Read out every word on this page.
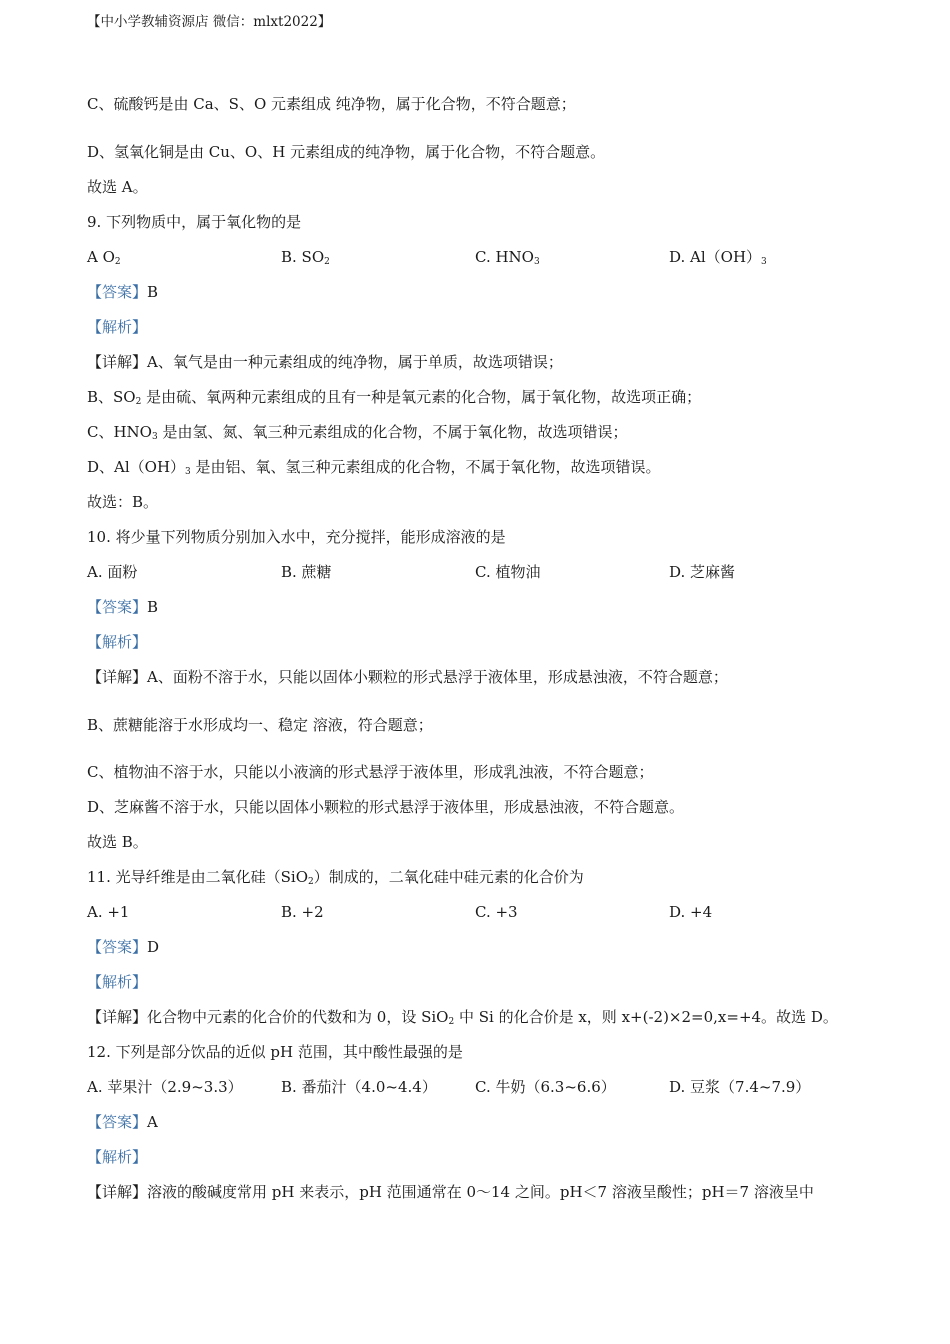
【中小学教辅资源店 微信：mlxt2022】
C、硫酸钙是由 Ca、S、O 元素组成 纯净物，属于化合物，不符合题意；
D、氢氧化铜是由 Cu、O、H 元素组成的纯净物，属于化合物，不符合题意。
故选 A。
9. 下列物质中，属于氧化物的是
A $O_2$	B. $SO_2$	C. $HNO_3$	D. $Al(OH)_3$
【答案】B
【解析】
【详解】A、氧气是由一种元素组成的纯净物，属于单质，故选项错误；
B、$SO_2$ 是由硫、氧两种元素组成的且有一种是氧元素的化合物，属于氧化物，故选项正确；
C、$HNO_3$ 是由氢、氮、氧三种元素组成的化合物，不属于氧化物，故选项错误；
D、$Al(OH)_3$ 是由铝、氧、氢三种元素组成的化合物，不属于氧化物，故选项错误。
故选：B。
10. 将少量下列物质分别加入水中，充分搅拌，能形成溶液的是
A. 面粉	B. 蔗糖	C. 植物油	D. 芝麻酱
【答案】B
【解析】
【详解】A、面粉不溶于水，只能以固体小颗粒的形式悬浮于液体里，形成悬浊液，不符合题意；
B、蔗糖能溶于水形成均一、稳定 溶液，符合题意；
C、植物油不溶于水，只能以小液滴的形式悬浮于液体里，形成乳浊液，不符合题意；
D、芝麻酱不溶于水，只能以固体小颗粒的形式悬浮于液体里，形成悬浊液，不符合题意。
故选 B。
11. 光导纤维是由二氧化硅（SiO$_2$）制成的，二氧化硅中硅元素的化合价为
A. +1	B. +2	C. +3	D. +4
【答案】D
【解析】
【详解】化合物中元素的化合价的代数和为 0，设 SiO$_2$ 中 Si 的化合价是 x，则 x+(-2)×2=0,x=+4。故选 D。
12. 下列是部分饮品的近似 pH 范围，其中酸性最强的是
A. 苹果汁（2.9~3.3）	B. 番茄汁（4.0~4.4）	C. 牛奶（6.3~6.6）	D. 豆浆（7.4~7.9）
【答案】A
【解析】
【详解】溶液的酸碱度常用 pH 来表示，pH 范围通常在 0～14 之间。pH＜7 溶液呈酸性；pH＝7 溶液呈中
